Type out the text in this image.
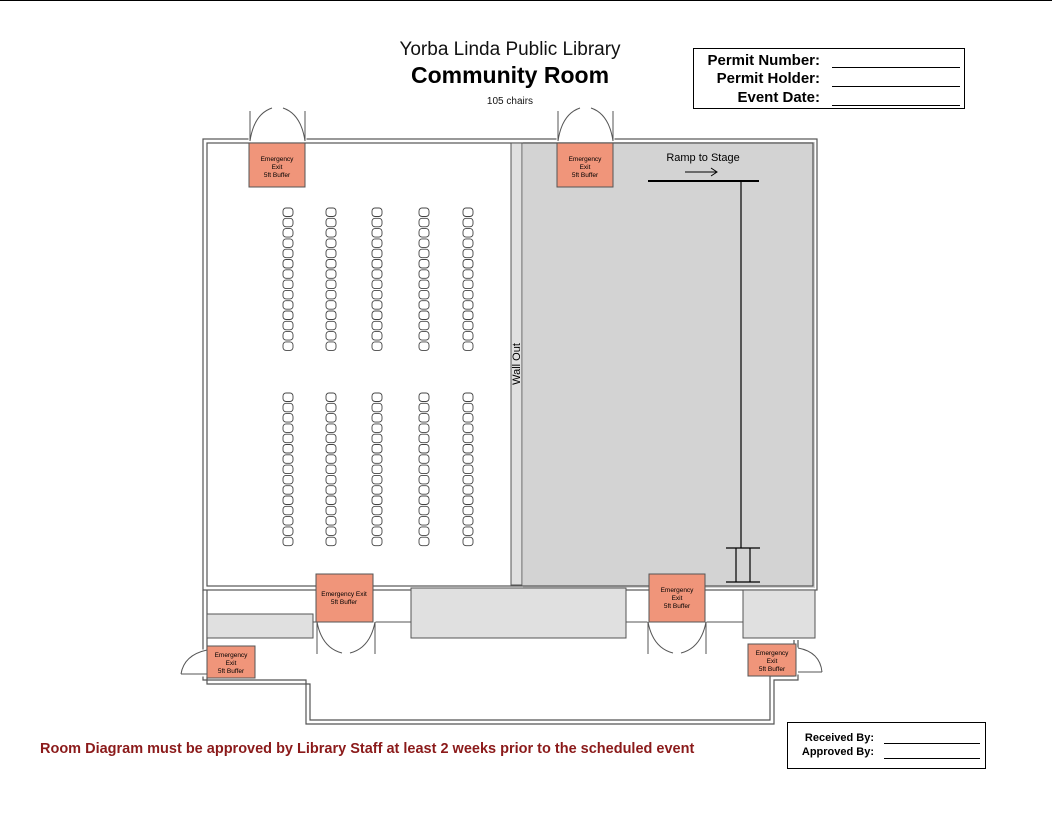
Yorba Linda Public Library
Community Room
105 chairs
Permit Number:
Permit Holder:
Event Date:
Wall Out
Ramp to Stage
Emergency
Exit
5ft Buffer
Emergency
Exit
5ft Buffer
Emergency Exit
5ft Buffer
Emergency
Exit
5ft Buffer
Emergency
Exit
5ft Buffer
Emergency
Exit
5ft Buffer
Room Diagram must be approved by Library Staff at least 2 weeks prior to the scheduled event
Received By:
Approved By:
